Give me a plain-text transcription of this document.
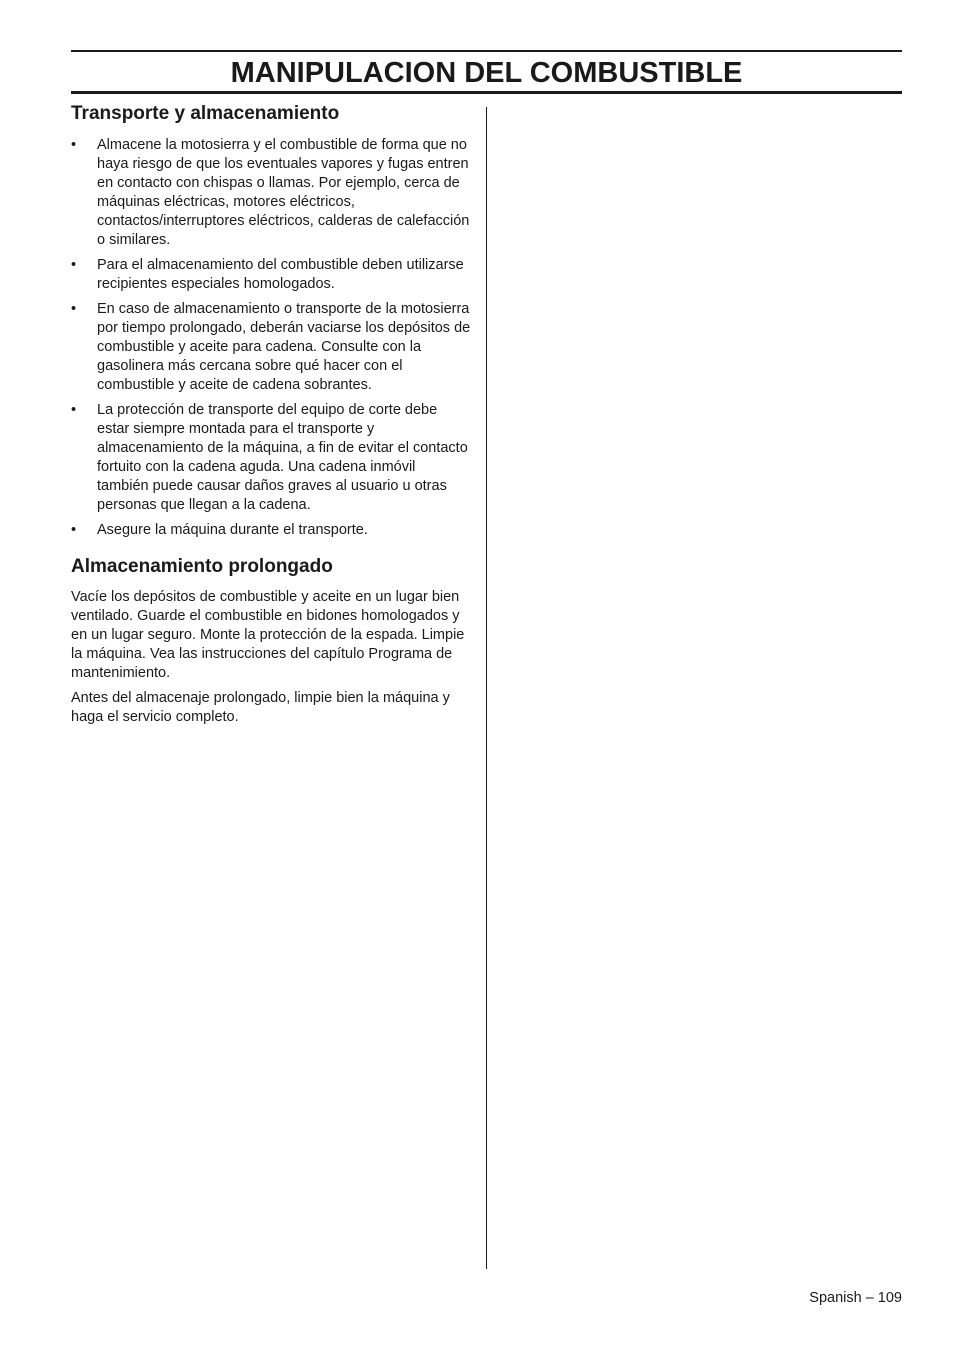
MANIPULACION DEL COMBUSTIBLE
Transporte y almacenamiento
•	Almacene la motosierra y el combustible de forma que no haya riesgo de que los eventuales vapores y fugas entren en contacto con chispas o llamas. Por ejemplo, cerca de máquinas eléctricas, motores eléctricos, contactos/interruptores eléctricos, calderas de calefacción o similares.
•	Para el almacenamiento del combustible deben utilizarse recipientes especiales homologados.
•	En caso de almacenamiento o transporte de la motosierra por tiempo prolongado, deberán vaciarse los depósitos de combustible y aceite para cadena. Consulte con la gasolinera más cercana sobre qué hacer con el combustible y aceite de cadena sobrantes.
•	La protección de transporte del equipo de corte debe estar siempre montada para el transporte y almacenamiento de la máquina, a fin de evitar el contacto fortuito con la cadena aguda. Una cadena inmóvil también puede causar daños graves al usuario u otras personas que llegan a la cadena.
•	Asegure la máquina durante el transporte.
Almacenamiento prolongado

Vacíe los depósitos de combustible y aceite en un lugar bien ventilado. Guarde el combustible en bidones homologados y en un lugar seguro. Monte la protección de la espada. Limpie la máquina. Vea las instrucciones del capítulo Programa de mantenimiento.

Antes del almacenaje prolongado, limpie bien la máquina y haga el servicio completo.

Spanish – 109
